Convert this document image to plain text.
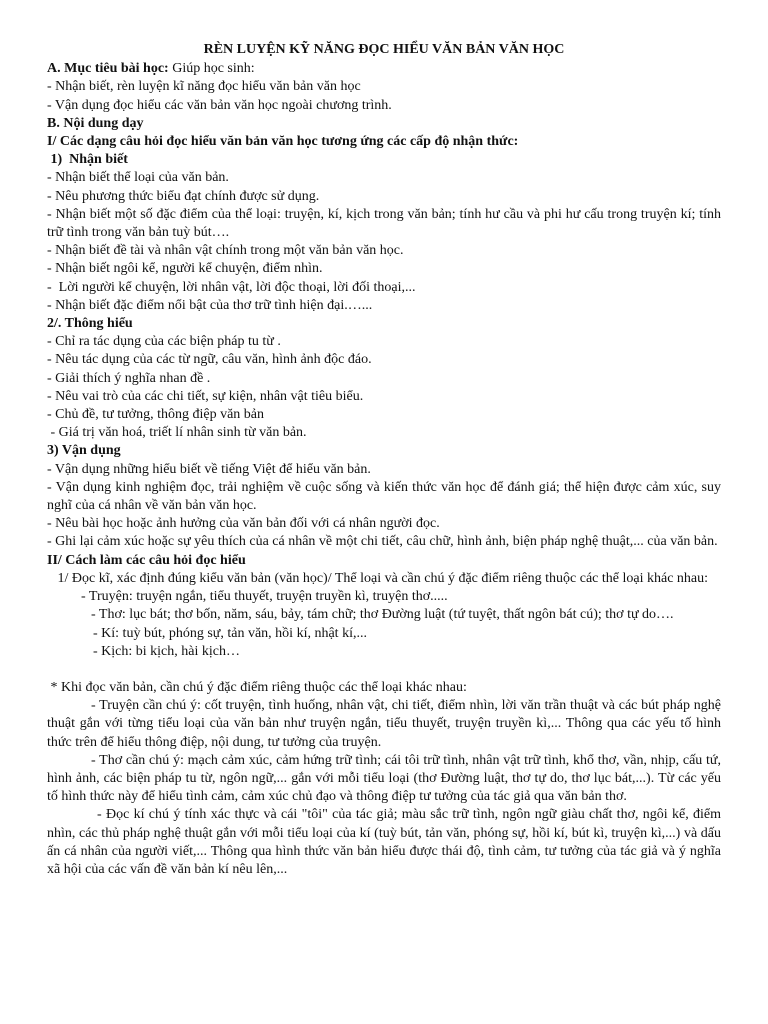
RÈN LUYỆN KỸ NĂNG ĐỌC HIỂU VĂN BẢN VĂN HỌC

A. Mục tiêu bài học: Giúp học sinh:

- Nhận biết, rèn luyện kĩ năng đọc hiểu văn bản văn học

- Vận dụng đọc hiểu các văn bản văn học ngoài chương trình.

B. Nội dung dạy

I/ Các dạng câu hỏi đọc hiểu văn bản văn học tương ứng các cấp độ nhận thức:

1)  Nhận biết

- Nhận biết thể loại của văn bản.

- Nêu phương thức biểu đạt chính được sử dụng.

- Nhận biết một số đặc điểm của thể loại: truyện, kí, kịch trong văn bản; tính hư cầu và phi hư cấu trong truyện kí; tính trữ tình trong văn bản tuỳ bút….

- Nhận biết đề tài và nhân vật chính trong một văn bản văn học.

- Nhận biết ngôi kể, người kể chuyện, điểm nhìn.

-  Lời người kể chuyện, lời nhân vật, lời độc thoại, lời đối thoại,...

- Nhận biết đặc điểm nổi bật của thơ trữ tình hiện đại.…...

2/. Thông hiểu

- Chỉ ra tác dụng của các biện pháp tu từ .

- Nêu tác dụng của các từ ngữ, câu văn, hình ảnh độc đáo.

- Giải thích ý nghĩa nhan đề .

- Nêu vai trò của các chi tiết, sự kiện, nhân vật tiêu biểu.

- Chủ đề, tư tưởng, thông điệp văn bản

- Giá trị văn hoá, triết lí nhân sinh từ văn bản.

3) Vận dụng

- Vận dụng những hiểu biết về tiếng Việt để hiểu văn bản.

- Vận dụng kinh nghiệm đọc, trải nghiệm về cuộc sống và kiến thức văn học để đánh giá; thể hiện được cảm xúc, suy nghĩ của cá nhân về văn bản văn học.

- Nêu bài học hoặc ảnh hưởng của văn bản đối với cá nhân người đọc.

- Ghi lại cảm xúc hoặc sự yêu thích của cá nhân về một chi tiết, câu chữ, hình ảnh, biện pháp nghệ thuật,... của văn bản.

II/ Cách làm các câu hỏi đọc hiểu

1/ Đọc kĩ, xác định đúng kiểu văn bản (văn học)/ Thể loại và cần chú ý đặc điểm riêng thuộc các thể loại khác nhau:

- Truyện: truyện ngắn, tiểu thuyết, truyện truyền kì, truyện thơ.....

- Thơ: lục bát; thơ bốn, năm, sáu, bảy, tám chữ; thơ Đường luật (tứ tuyệt, thất ngôn bát cú); thơ tự do….

- Kí: tuỳ bút, phóng sự, tản văn, hồi kí, nhật kí,...

- Kịch: bi kịch, hài kịch…

* Khi đọc văn bản, cần chú ý đặc điểm riêng thuộc các thể loại khác nhau:

- Truyện cần chú ý: cốt truyện, tình huống, nhân vật, chi tiết, điểm nhìn, lời văn trần thuật và các bút pháp nghệ thuật gắn với từng tiểu loại của văn bản như truyện ngắn, tiểu thuyết, truyện truyền kì,... Thông qua các yếu tố hình thức trên để hiểu thông điệp, nội dung, tư tưởng của truyện.

- Thơ cần chú ý: mạch cảm xúc, cảm hứng trữ tình; cái tôi trữ tình, nhân vật trữ tình, khổ thơ, vần, nhịp, cấu tứ, hình ảnh, các biện pháp tu từ, ngôn ngữ,... gắn với mỗi tiểu loại (thơ Đường luật, thơ tự do, thơ lục bát,...). Từ các yếu tố hình thức này để hiểu tình cảm, cảm xúc chủ đạo và thông điệp tư tưởng của tác giả qua văn bản thơ.

- Đọc kí chú ý tính xác thực và cái "tôi" của tác giả; màu sắc trữ tình, ngôn ngữ giàu chất thơ, ngôi kể, điểm nhìn, các thủ pháp nghệ thuật gắn với mỗi tiểu loại của kí (tuỳ bút, tản văn, phóng sự, hồi kí, bút kì, truyện kì,...) và dấu ấn cá nhân của người viết,... Thông qua hình thức văn bản hiểu được thái độ, tình cảm, tư tưởng của tác giả và ý nghĩa xã hội của các vấn đề văn bản kí nêu lên,...
